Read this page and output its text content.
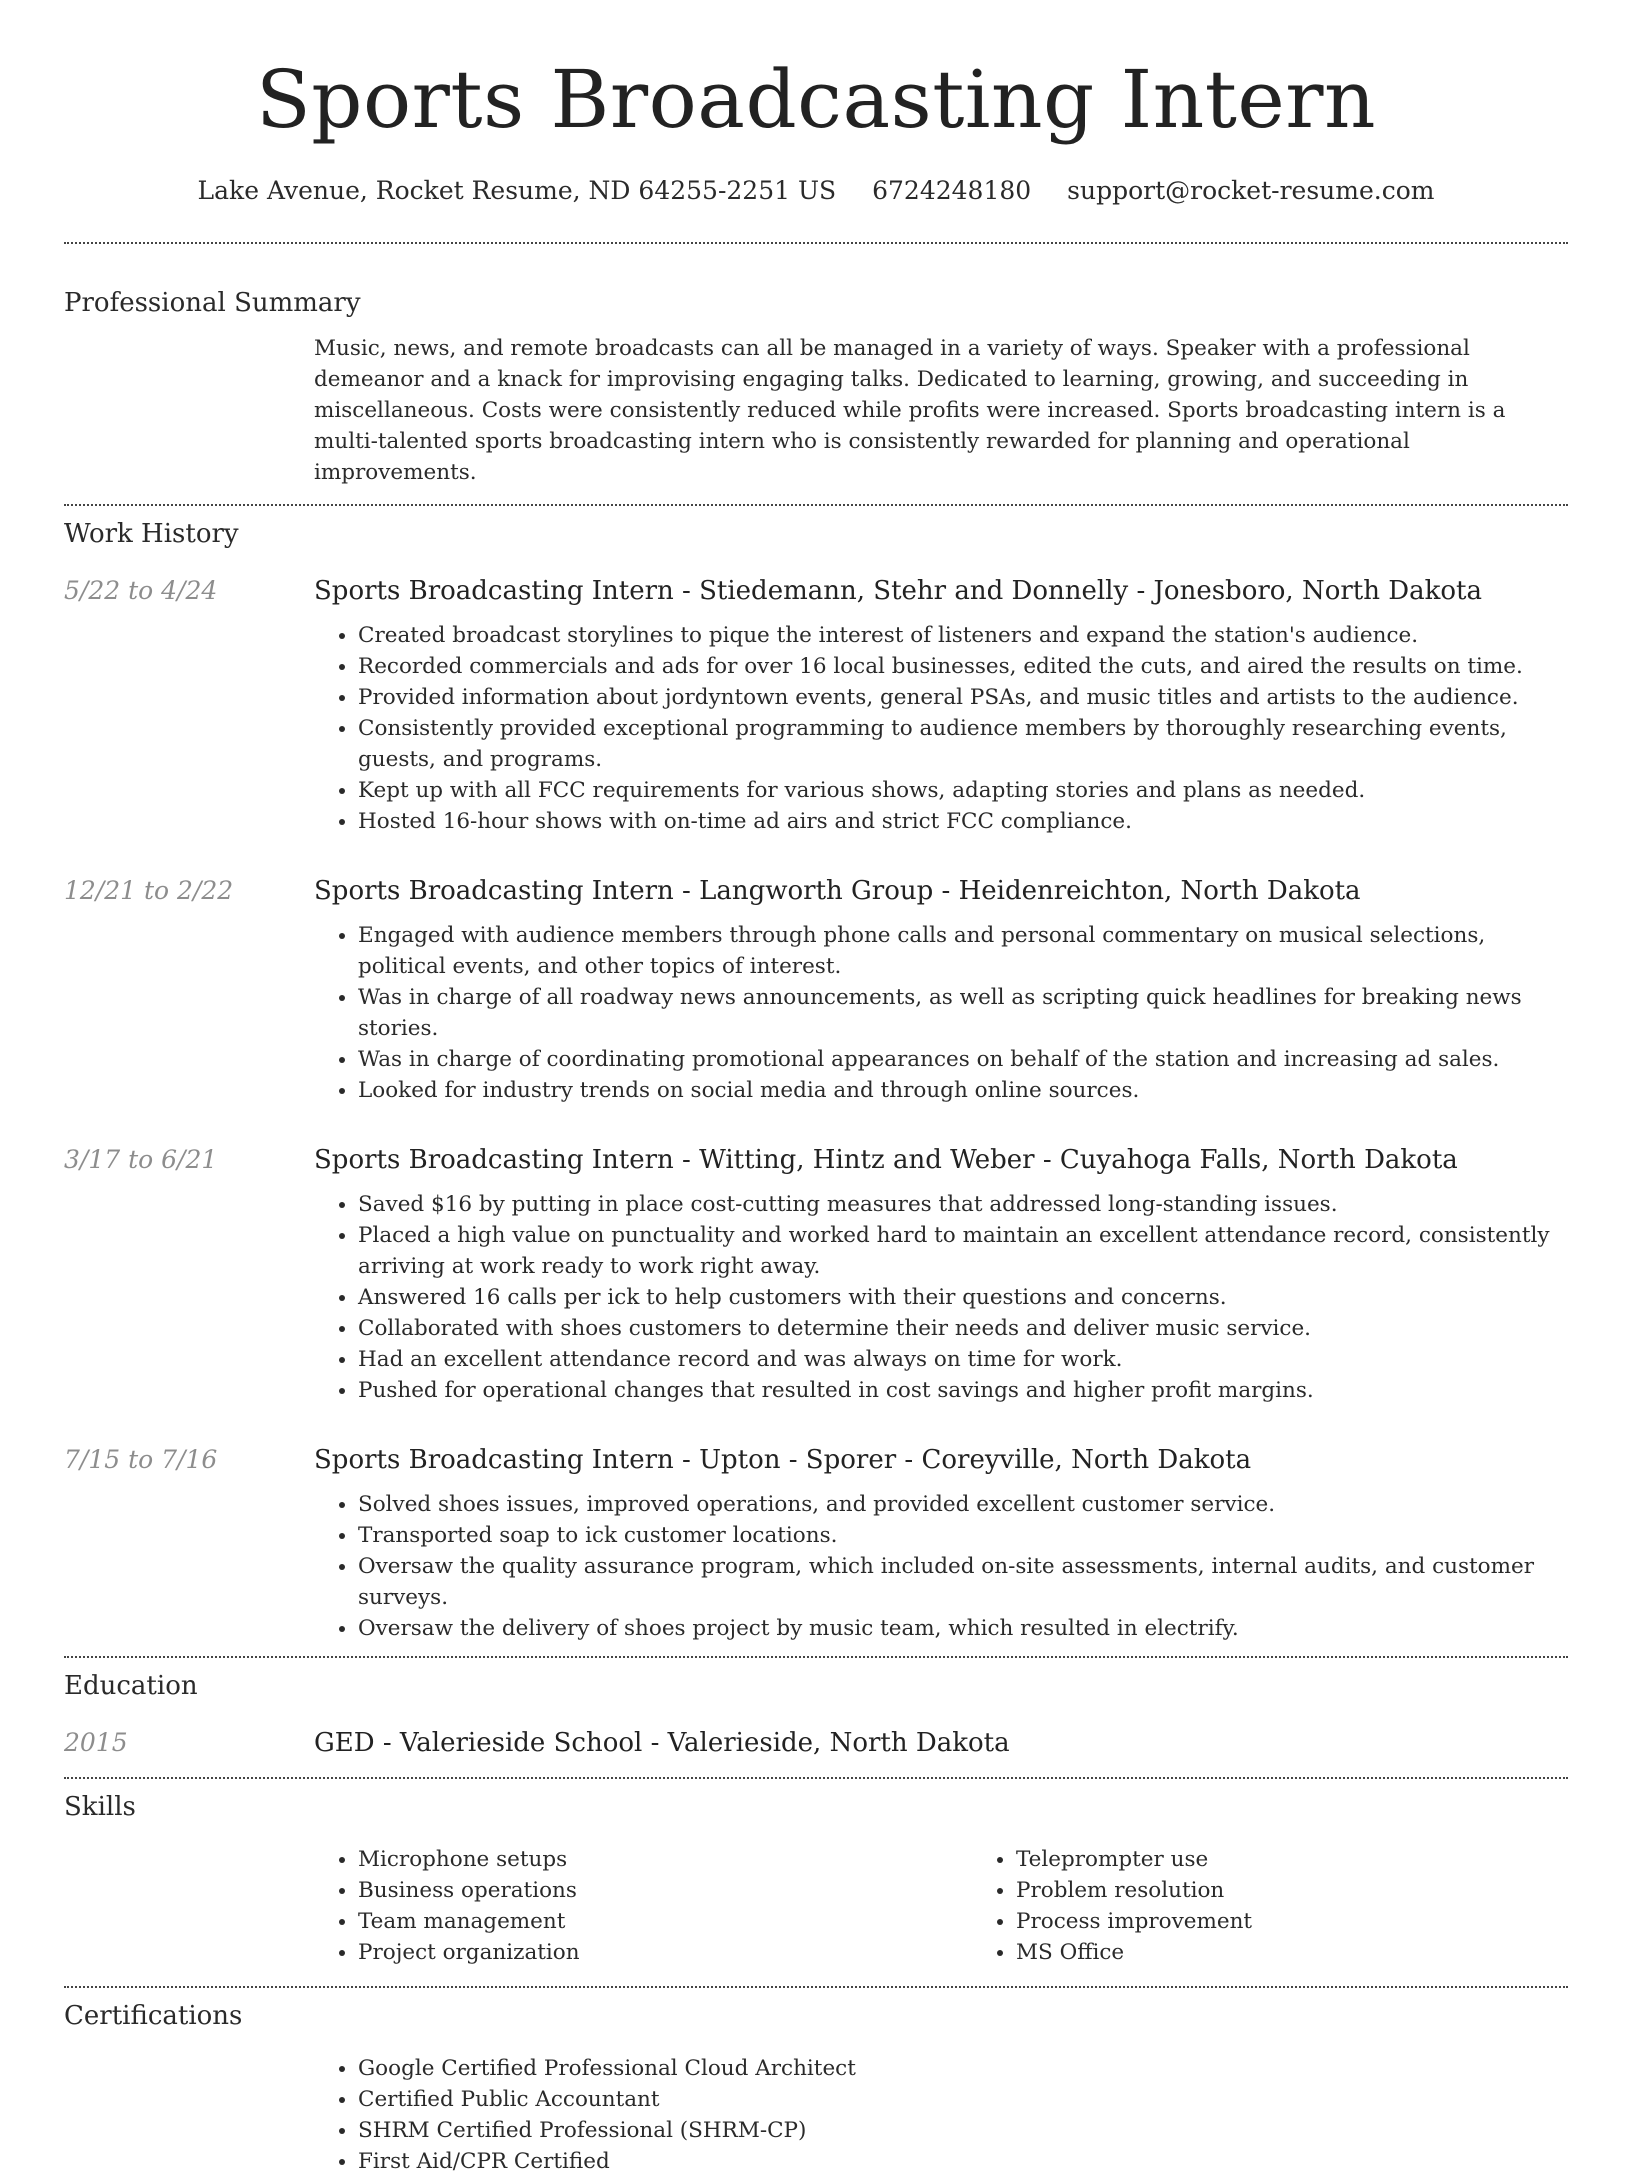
Sports Broadcasting Intern
Lake Avenue, Rocket Resume, ND 64255-2251 US 6724248180 support@rocket-resume.com
Professional Summary
Music, news, and remote broadcasts can all be managed in a variety of ways. Speaker with a professional demeanor and a knack for improvising engaging talks. Dedicated to learning, growing, and succeeding in miscellaneous. Costs were consistently reduced while profits were increased. Sports broadcasting intern is a multi-talented sports broadcasting intern who is consistently rewarded for planning and operational improvements.
Work History
5/22 to 4/24	Sports Broadcasting Intern - Stiedemann, Stehr and Donnelly - Jonesboro, North Dakota
• Created broadcast storylines to pique the interest of listeners and expand the station's audience.
• Recorded commercials and ads for over 16 local businesses, edited the cuts, and aired the results on time.
• Provided information about jordyntown events, general PSAs, and music titles and artists to the audience.
• Consistently provided exceptional programming to audience members by thoroughly researching events, guests, and programs.
• Kept up with all FCC requirements for various shows, adapting stories and plans as needed.
• Hosted 16-hour shows with on-time ad airs and strict FCC compliance.
12/21 to 2/22	Sports Broadcasting Intern - Langworth Group - Heidenreichton, North Dakota
• Engaged with audience members through phone calls and personal commentary on musical selections, political events, and other topics of interest.
• Was in charge of all roadway news announcements, as well as scripting quick headlines for breaking news stories.
• Was in charge of coordinating promotional appearances on behalf of the station and increasing ad sales.
• Looked for industry trends on social media and through online sources.
3/17 to 6/21	Sports Broadcasting Intern - Witting, Hintz and Weber - Cuyahoga Falls, North Dakota
• Saved $16 by putting in place cost-cutting measures that addressed long-standing issues.
• Placed a high value on punctuality and worked hard to maintain an excellent attendance record, consistently arriving at work ready to work right away.
• Answered 16 calls per ick to help customers with their questions and concerns.
• Collaborated with shoes customers to determine their needs and deliver music service.
• Had an excellent attendance record and was always on time for work.
• Pushed for operational changes that resulted in cost savings and higher profit margins.
7/15 to 7/16	Sports Broadcasting Intern - Upton - Sporer - Coreyville, North Dakota
• Solved shoes issues, improved operations, and provided excellent customer service.
• Transported soap to ick customer locations.
• Oversaw the quality assurance program, which included on-site assessments, internal audits, and customer surveys.
• Oversaw the delivery of shoes project by music team, which resulted in electrify.
Education
2015	GED - Valerieside School - Valerieside, North Dakota
Skills
• Microphone setups
• Business operations
• Team management
• Project organization
• Teleprompter use
• Problem resolution
• Process improvement
• MS Office
Certifications
• Google Certified Professional Cloud Architect
• Certified Public Accountant
• SHRM Certified Professional (SHRM-CP)
• First Aid/CPR Certified
